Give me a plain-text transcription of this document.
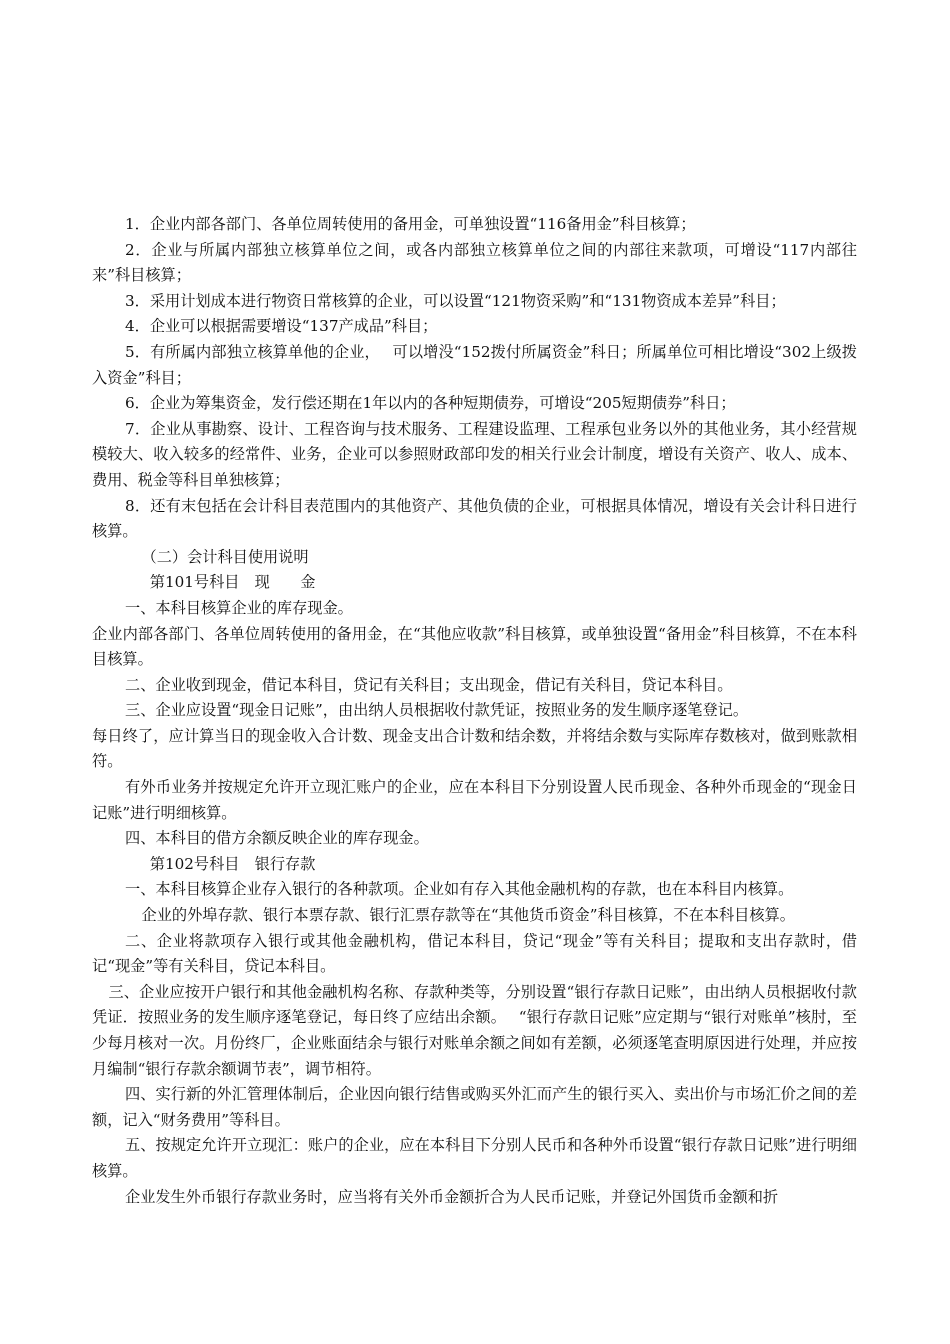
1．企业内部各部门、各单位周转使用的备用金，可单独设置“116备用金”科目核算；

2．企业与所属内部独立核算单位之间，或各内部独立核算单位之间的内部往来款项，可增设“117内部往来”科目核算；

3．采用计划成本进行物资日常核算的企业，可以设置“121物资采购”和“131物资成本差异”科目；

4．企业可以根据需要增设“137产成品”科目；

5．有所属内部独立核算单他的企业，　 可以增没“152拨付所属资金”科日；所属单位可相比增设“302上级拨入资金”科目；

6．企业为筹集资金，发行偿还期在1年以内的各种短期债券，可增设“205短期债券”科日；

7．企业从事勘察、设计、工程咨询与技术服务、工程建设监理、工程承包业务以外的其他业务，其小经营规模较大、收入较多的经常件、业务，企业可以参照财政部印发的相关行业会计制度，增设有关资产、收人、成本、费用、税金等科目单独核算；

8．还有末包括在会计科目表范围内的其他资产、其他负债的企业，可根据具体情况，增设有关会计科日进行核算。

（二）会计科目使用说明

第101号科目　现　　金

一、本科目核算企业的库存现金。

企业内部各部门、各单位周转使用的备用金，在“其他应收款”科目核算，或单独设置“备用金”科目核算，不在本科目核算。

二、企业收到现金，借记本科目，贷记有关科目；支出现金，借记有关科目，贷记本科目。

三、企业应设置“现金日记账”，由出纳人员根据收付款凭证，按照业务的发生顺序逐笔登记。

每日终了，应计算当日的现金收入合计数、现金支出合计数和结余数，并将结余数与实际库存数核对，做到账款相符。

有外币业务并按规定允许开立现汇账户的企业，应在本科目下分别设置人民币现金、各种外币现金的“现金日记账”进行明细核算。

四、本科目的借方余额反映企业的库存现金。

第102号科目　银行存款

一、本科目核算企业存入银行的各种款项。企业如有存入其他金融机构的存款，也在本科目内核算。

企业的外埠存款、银行本票存款、银行汇票存款等在“其他货币资金”科目核算，不在本科目核算。

二、企业将款项存入银行或其他金融机构，借记本科目，贷记“现金”等有关科目；提取和支出存款时，借记“现金”等有关科目，贷记本科目。

三、企业应按开户银行和其他金融机构名称、存款种类等，分别设置“银行存款日记账”，由出纳人员根据收付款凭证．按照业务的发生顺序逐笔登记，每日终了应结出余额。　 “银行存款日记账”应定期与“银行对账单”核肘，至少每月核对一次。月份终厂，企业账面结余与银行对账单余额之间如有差额，必须逐笔查明原因进行处理，并应按月编制“银行存款余额调节表”，调节相符。

四、实行新的外汇管理体制后，企业因向银行结售或购买外汇而产生的银行买入、卖出价与市场汇价之间的差额，记入“财务费用”等科目。

五、按规定允许开立现汇：账户的企业，应在本科目下分别人民币和各种外币设置“银行存款日记账”进行明细核算。

企业发生外币银行存款业务时，应当将有关外币金额折合为人民币记账，并登记外国货币金额和折
